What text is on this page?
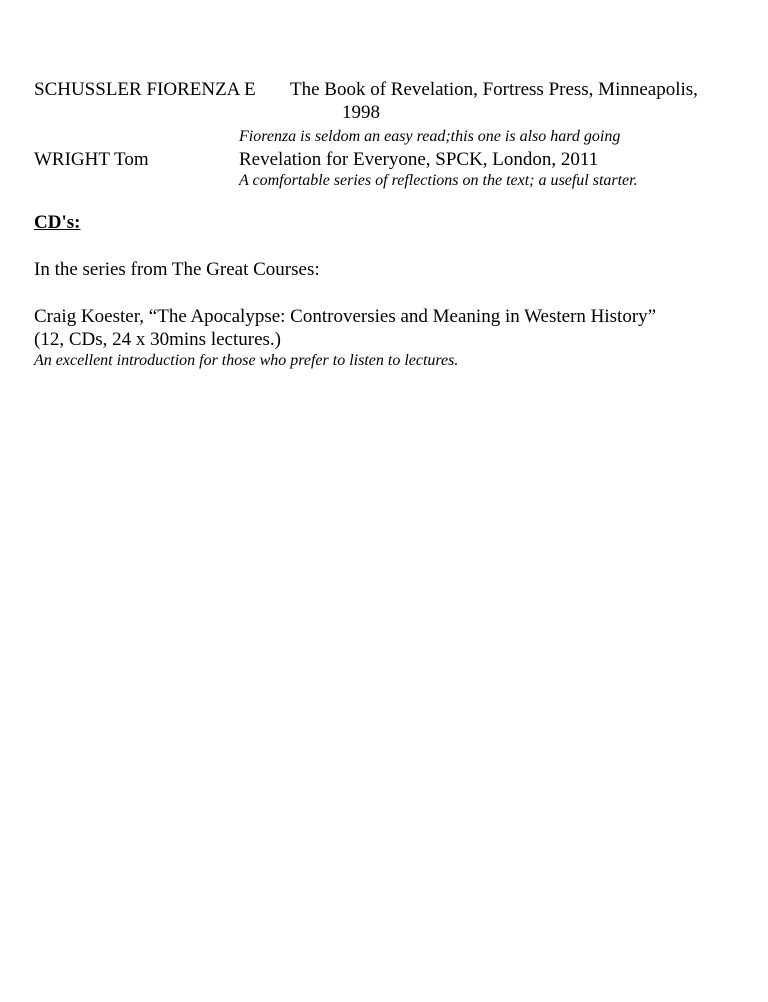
SCHUSSLER FIORENZA E The Book of Revelation, Fortress Press, Minneapolis,
1998
Fiorenza is seldom an easy read;this one is also hard going
WRIGHT Tom	Revelation for Everyone, SPCK, London, 2011
A comfortable series of reflections on the text; a useful starter.
CD's:
In the series from The Great Courses:
Craig Koester, “The Apocalypse: Controversies and Meaning in Western History”
(12, CDs, 24 x 30mins lectures.)
An excellent introduction for those who prefer to listen to lectures.
